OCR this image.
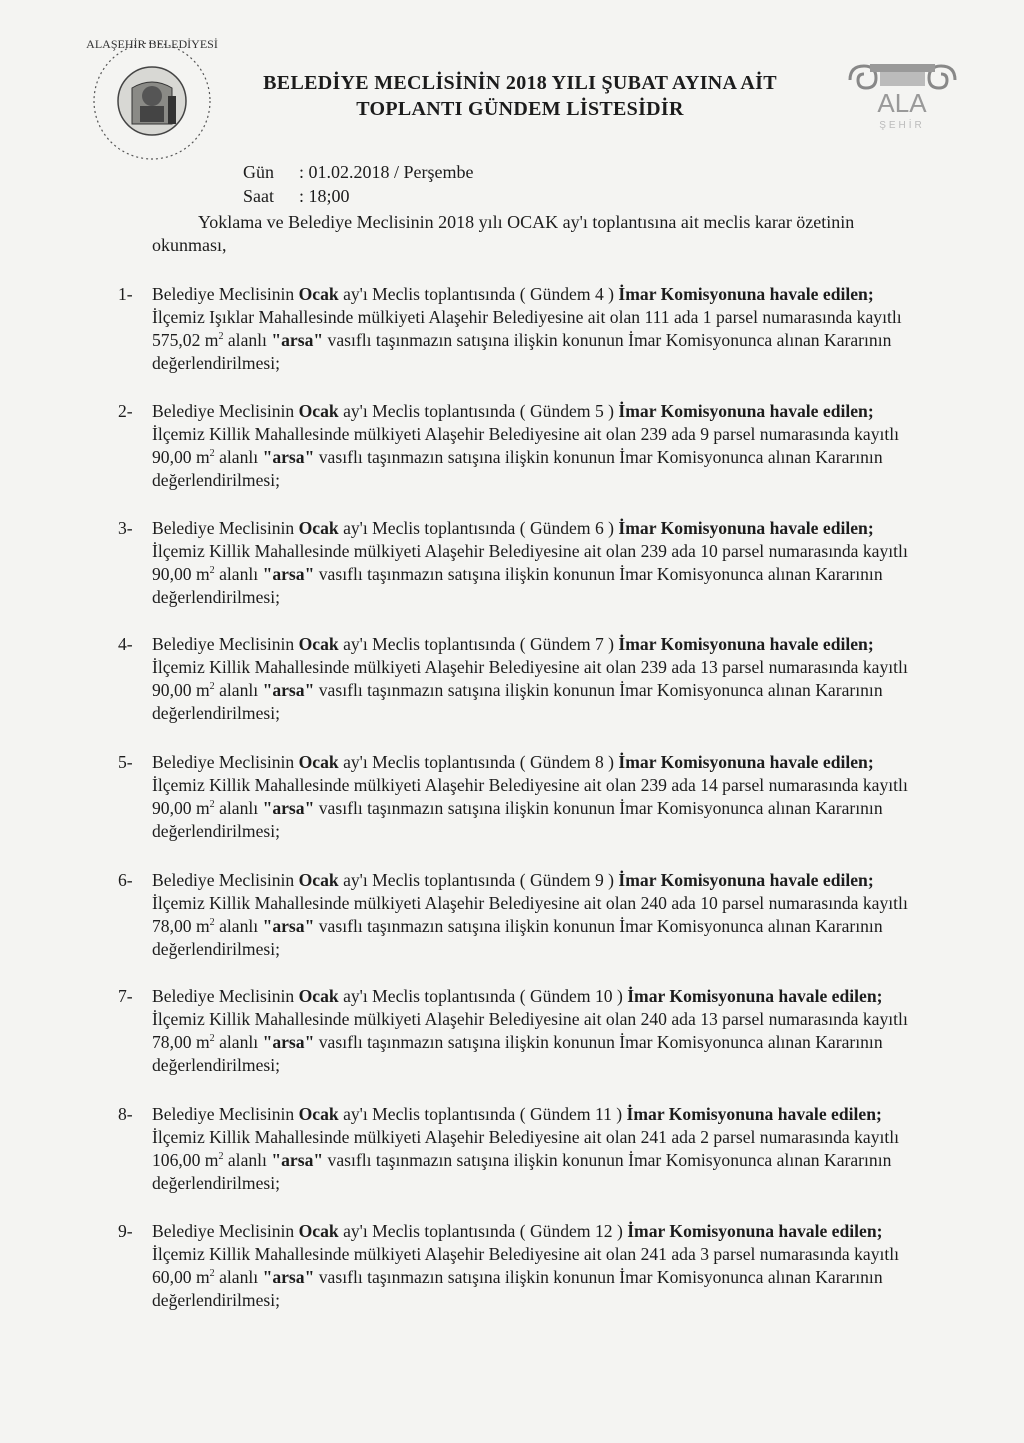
ALAŞEHİR BELEDİYESİ
BELEDİYE MECLİSİNİN 2018 YILI ŞUBAT AYINA AİT
TOPLANTI GÜNDEM LİSTESİDİR	ALA
ŞEHİR
Gün : 01.02.2018 / Perşembe
Saat : 18;00
Yoklama ve Belediye Meclisinin 2018 yılı OCAK ay'ı toplantısına ait meclis karar özetinin okunması,
1-	Belediye Meclisinin Ocak ay'ı Meclis toplantısında ( Gündem 4 ) İmar Komisyonuna havale edilen; İlçemiz Işıklar Mahallesinde mülkiyeti Alaşehir Belediyesine ait olan 111 ada 1 parsel numarasında kayıtlı 575,02 $m^2$ alanlı "arsa" vasıflı taşınmazın satışına ilişkin konunun İmar Komisyonunca alınan Kararının değerlendirilmesi;
2-	Belediye Meclisinin Ocak ay'ı Meclis toplantısında ( Gündem 5 ) İmar Komisyonuna havale edilen; İlçemiz Killik Mahallesinde mülkiyeti Alaşehir Belediyesine ait olan 239 ada 9 parsel numarasında kayıtlı 90,00 $m^2$ alanlı "arsa" vasıflı taşınmazın satışına ilişkin konunun İmar Komisyonunca alınan Kararının değerlendirilmesi;
3-	Belediye Meclisinin Ocak ay'ı Meclis toplantısında ( Gündem 6 ) İmar Komisyonuna havale edilen; İlçemiz Killik Mahallesinde mülkiyeti Alaşehir Belediyesine ait olan 239 ada 10 parsel numarasında kayıtlı 90,00 $m^2$ alanlı "arsa" vasıflı taşınmazın satışına ilişkin konunun İmar Komisyonunca alınan Kararının değerlendirilmesi;
4-	Belediye Meclisinin Ocak ay'ı Meclis toplantısında ( Gündem 7 ) İmar Komisyonuna havale edilen; İlçemiz Killik Mahallesinde mülkiyeti Alaşehir Belediyesine ait olan 239 ada 13 parsel numarasında kayıtlı 90,00 $m^2$ alanlı "arsa" vasıflı taşınmazın satışına ilişkin konunun İmar Komisyonunca alınan Kararının değerlendirilmesi;
5-	Belediye Meclisinin Ocak ay'ı Meclis toplantısında ( Gündem 8 ) İmar Komisyonuna havale edilen; İlçemiz Killik Mahallesinde mülkiyeti Alaşehir Belediyesine ait olan 239 ada 14 parsel numarasında kayıtlı 90,00 $m^2$ alanlı "arsa" vasıflı taşınmazın satışına ilişkin konunun İmar Komisyonunca alınan Kararının değerlendirilmesi;
6-	Belediye Meclisinin Ocak ay'ı Meclis toplantısında ( Gündem 9 ) İmar Komisyonuna havale edilen; İlçemiz Killik Mahallesinde mülkiyeti Alaşehir Belediyesine ait olan 240 ada 10 parsel numarasında kayıtlı 78,00 $m^2$ alanlı "arsa" vasıflı taşınmazın satışına ilişkin konunun İmar Komisyonunca alınan Kararının değerlendirilmesi;
7-	Belediye Meclisinin Ocak ay'ı Meclis toplantısında ( Gündem 10 ) İmar Komisyonuna havale edilen; İlçemiz Killik Mahallesinde mülkiyeti Alaşehir Belediyesine ait olan 240 ada 13 parsel numarasında kayıtlı 78,00 $m^2$ alanlı "arsa" vasıflı taşınmazın satışına ilişkin konunun İmar Komisyonunca alınan Kararının değerlendirilmesi;
8-	Belediye Meclisinin Ocak ay'ı Meclis toplantısında ( Gündem 11 ) İmar Komisyonuna havale edilen; İlçemiz Killik Mahallesinde mülkiyeti Alaşehir Belediyesine ait olan 241 ada 2 parsel numarasında kayıtlı 106,00 $m^2$ alanlı "arsa" vasıflı taşınmazın satışına ilişkin konunun İmar Komisyonunca alınan Kararının değerlendirilmesi;
9-	Belediye Meclisinin Ocak ay'ı Meclis toplantısında ( Gündem 12 ) İmar Komisyonuna havale edilen; İlçemiz Killik Mahallesinde mülkiyeti Alaşehir Belediyesine ait olan 241 ada 3 parsel numarasında kayıtlı 60,00 $m^2$ alanlı "arsa" vasıflı taşınmazın satışına ilişkin konunun İmar Komisyonunca alınan Kararının değerlendirilmesi;
